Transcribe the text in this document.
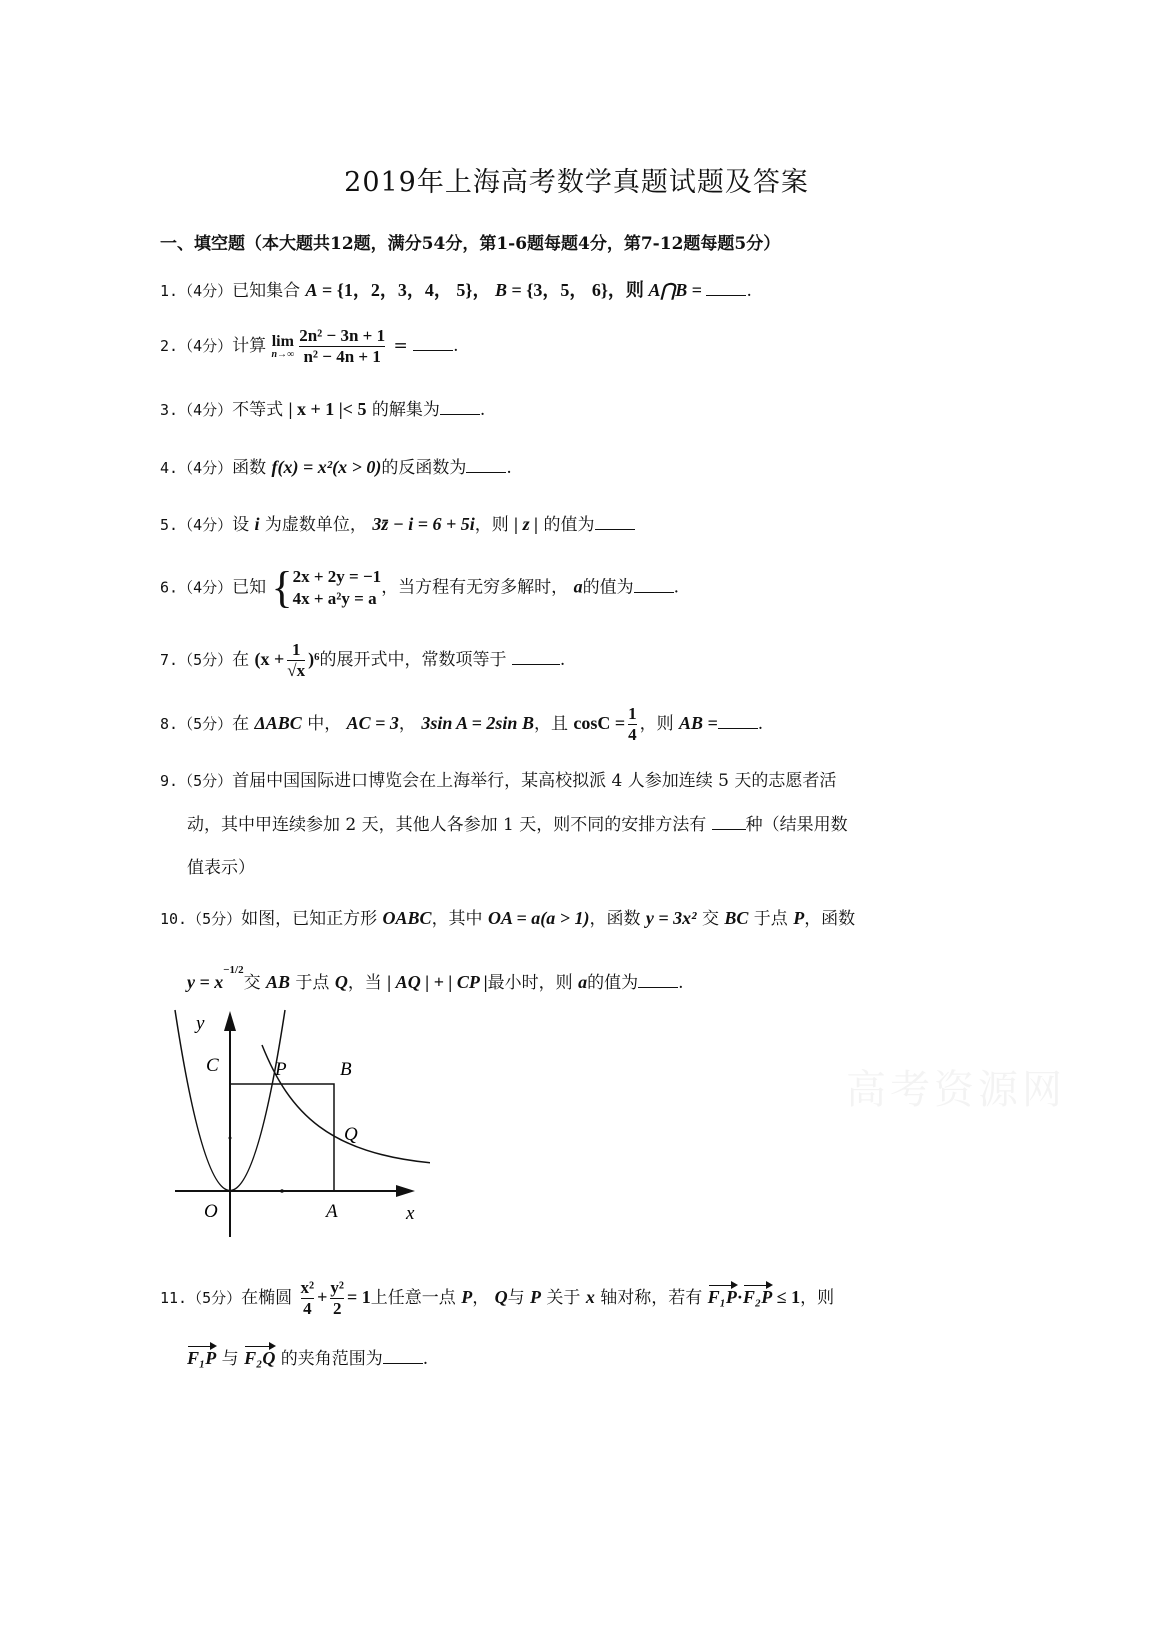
2019年上海高考数学真题试题及答案
一、填空题（本大题共12题，满分54分，第1-6题每题4分，第7-12题每题5分）
1.（4分）已知集合 A = {1，2，3，4， 5}， B = {3，5， 6}，则 A⋂B = .
2.（4分）计算 lim
$n\to\infty \frac{\text{2n² − 3n + 1}}{\text{n² − 4n + 1}}$ = .
3.（4分）不等式 | x + 1 |< 5 的解集为 .
4.（4分）函数 f(x) = x²(x > 0)的反函数为 .
5.（4分）设 i 为虚数单位， 3z̄ − i = 6 + 5i，则 | z | 的值为
6.（4分）已知 { 2x + 2y = −1
4x + a²y = a
，当方程有无穷多解时， a的值为 .
7.（5分）在 $(x + \frac{1}{√x} )^6$的展开式中，常数项等于	.
8.（5分）在 ΔABC 中， AC = 3， 3sin A = 2sin B，且 $\cos C = \frac{1}{4}$ ，则 AB = .
9.（5分）首届中国国际进口博览会在上海举行，某高校拟派 4 人参加连续 5 天的志愿者活
动，其中甲连续参加 2 天，其他人各参加 1 天，则不同的安排方法有 种（结果用数
值表示）
10.（5分）如图，已知正方形 OABC，其中 OA = a(a > 1)，函数 y = 3x² 交 BC 于点 P，函数
$y = x^{-1/2}$交 AB 于点 Q，当 | AQ | + | CP |最小时，则 a的值为 .
y
C	P	B
Q
O	A	x
高考资源网
11.（5分）在椭圆 $\frac{\text{x²}}{4} + \frac{\text{y²}}{2} = 1$上任意一点 P， Q与 P 关于 x 轴对称，若有 F₁P·F₂P ≤ 1，则
F₁P 与 F₂Q 的夹角范围为 .
